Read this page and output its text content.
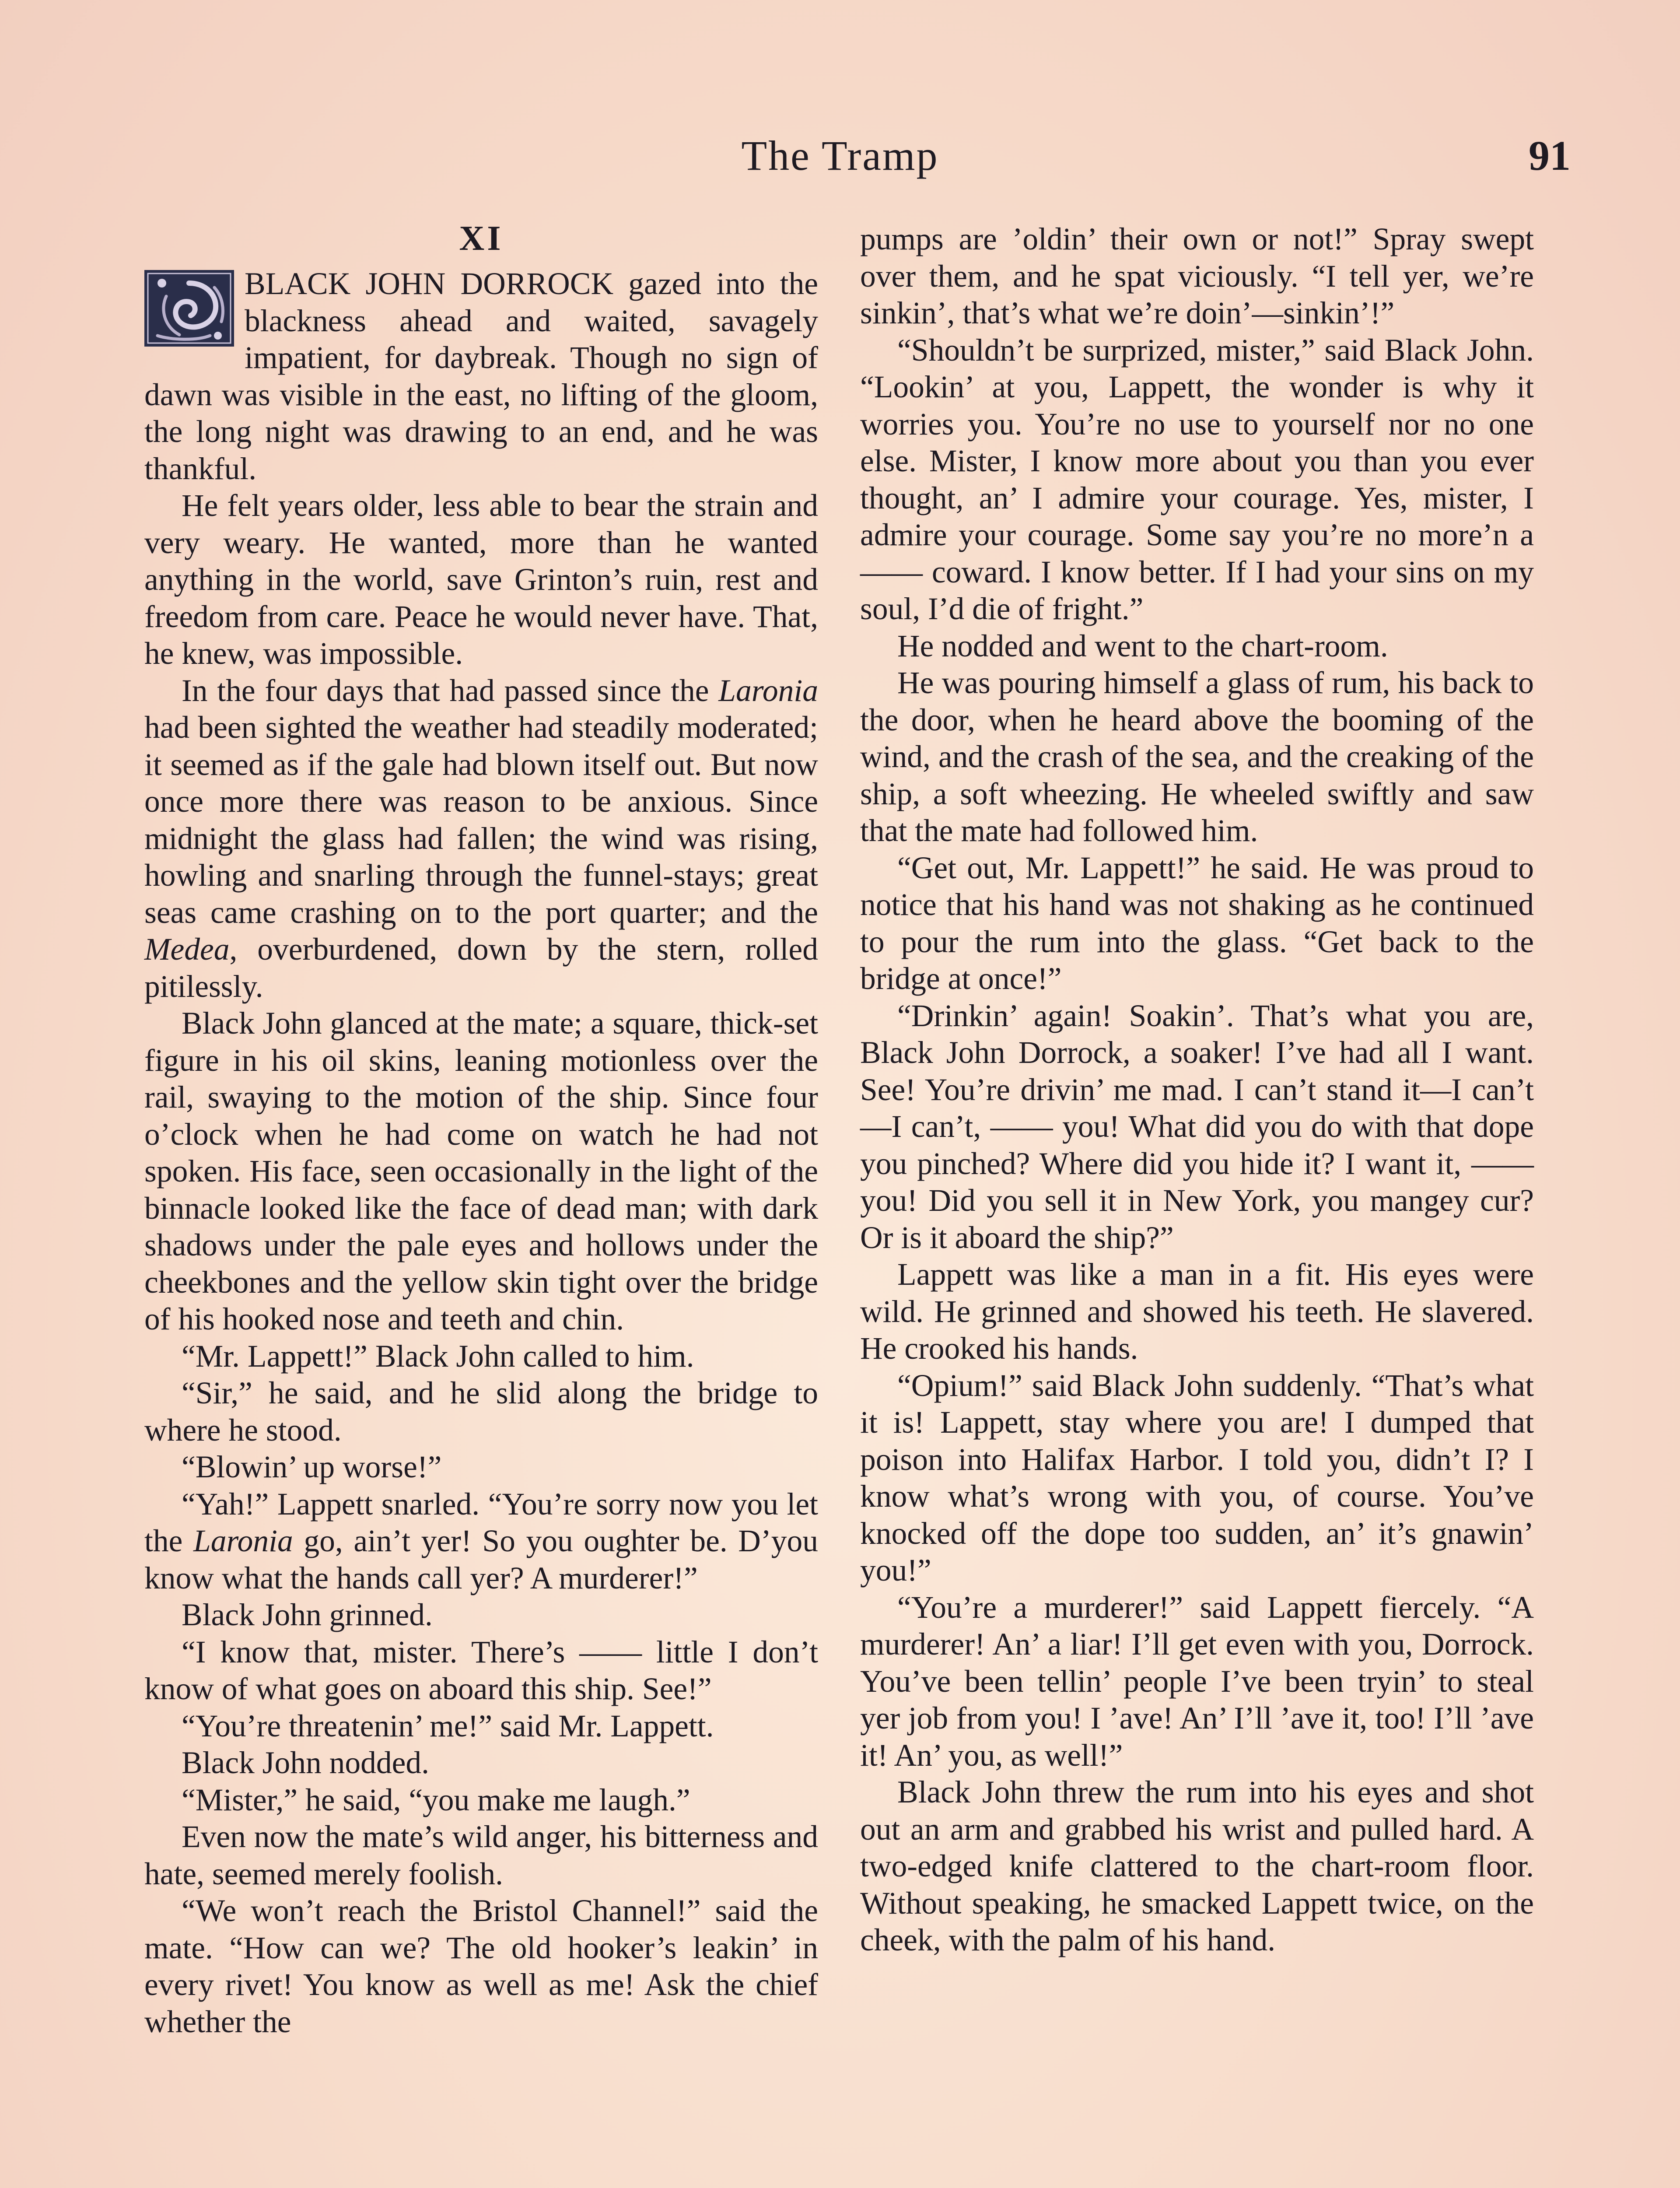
The Tramp	91
XI

BLACK JOHN DORROCK gazed into the blackness ahead and waited, savagely impatient, for daybreak. Though no sign of dawn was visible in the east, no lifting of the gloom, the long night was drawing to an end, and he was thankful.

He felt years older, less able to bear the strain and very weary. He wanted, more than he wanted anything in the world, save Grinton’s ruin, rest and freedom from care. Peace he would never have. That, he knew, was impossible.

In the four days that had passed since the Laronia had been sighted the weather had steadily moderated; it seemed as if the gale had blown itself out. But now once more there was reason to be anxious. Since midnight the glass had fallen; the wind was rising, howling and snarling through the funnel-stays; great seas came crashing on to the port quarter; and the Medea, overburdened, down by the stern, rolled pitilessly.

Black John glanced at the mate; a square, thick-set figure in his oil skins, leaning motionless over the rail, swaying to the motion of the ship. Since four o’clock when he had come on watch he had not spoken. His face, seen occasionally in the light of the binnacle looked like the face of dead man; with dark shadows under the pale eyes and hollows under the cheekbones and the yellow skin tight over the bridge of his hooked nose and teeth and chin.

“Mr. Lappett!” Black John called to him.

“Sir,” he said, and he slid along the bridge to where he stood.

“Blowin’ up worse!”

“Yah!” Lappett snarled. “You’re sorry now you let the Laronia go, ain’t yer! So you oughter be. D’you know what the hands call yer? A murderer!”

Black John grinned.

“I know that, mister. There’s —— little I don’t know of what goes on aboard this ship. See!”

“You’re threatenin’ me!” said Mr. Lappett.

Black John nodded.

“Mister,” he said, “you make me laugh.”

Even now the mate’s wild anger, his bitterness and hate, seemed merely foolish.

“We won’t reach the Bristol Channel!” said the mate. “How can we? The old hooker’s leakin’ in every rivet! You know as well as me! Ask the chief whether the

pumps are ’oldin’ their own or not!” Spray swept over them, and he spat viciously. “I tell yer, we’re sinkin’, that’s what we’re doin’—sinkin’!”

“Shouldn’t be surprized, mister,” said Black John. “Lookin’ at you, Lappett, the wonder is why it worries you. You’re no use to yourself nor no one else. Mister, I know more about you than you ever thought, an’ I admire your courage. Yes, mister, I admire your courage. Some say you’re no more’n a —— coward. I know better. If I had your sins on my soul, I’d die of fright.”

He nodded and went to the chart-room.

He was pouring himself a glass of rum, his back to the door, when he heard above the booming of the wind, and the crash of the sea, and the creaking of the ship, a soft wheezing. He wheeled swiftly and saw that the mate had followed him.

“Get out, Mr. Lappett!” he said. He was proud to notice that his hand was not shaking as he continued to pour the rum into the glass. “Get back to the bridge at once!”

“Drinkin’ again! Soakin’. That’s what you are, Black John Dorrock, a soaker! I’ve had all I want. See! You’re drivin’ me mad. I can’t stand it—I can’t—I can’t, —— you! What did you do with that dope you pinched? Where did you hide it? I want it, —— you! Did you sell it in New York, you mangey cur? Or is it aboard the ship?”

Lappett was like a man in a fit. His eyes were wild. He grinned and showed his teeth. He slavered. He crooked his hands.

“Opium!” said Black John suddenly. “That’s what it is! Lappett, stay where you are! I dumped that poison into Halifax Harbor. I told you, didn’t I? I know what’s wrong with you, of course. You’ve knocked off the dope too sudden, an’ it’s gnawin’ you!”

“You’re a murderer!” said Lappett fiercely. “A murderer! An’ a liar! I’ll get even with you, Dorrock. You’ve been tellin’ people I’ve been tryin’ to steal yer job from you! I ’ave! An’ I’ll ’ave it, too! I’ll ’ave it! An’ you, as well!”

Black John threw the rum into his eyes and shot out an arm and grabbed his wrist and pulled hard. A two-edged knife clattered to the chart-room floor. Without speaking, he smacked Lappett twice, on the cheek, with the palm of his hand.
